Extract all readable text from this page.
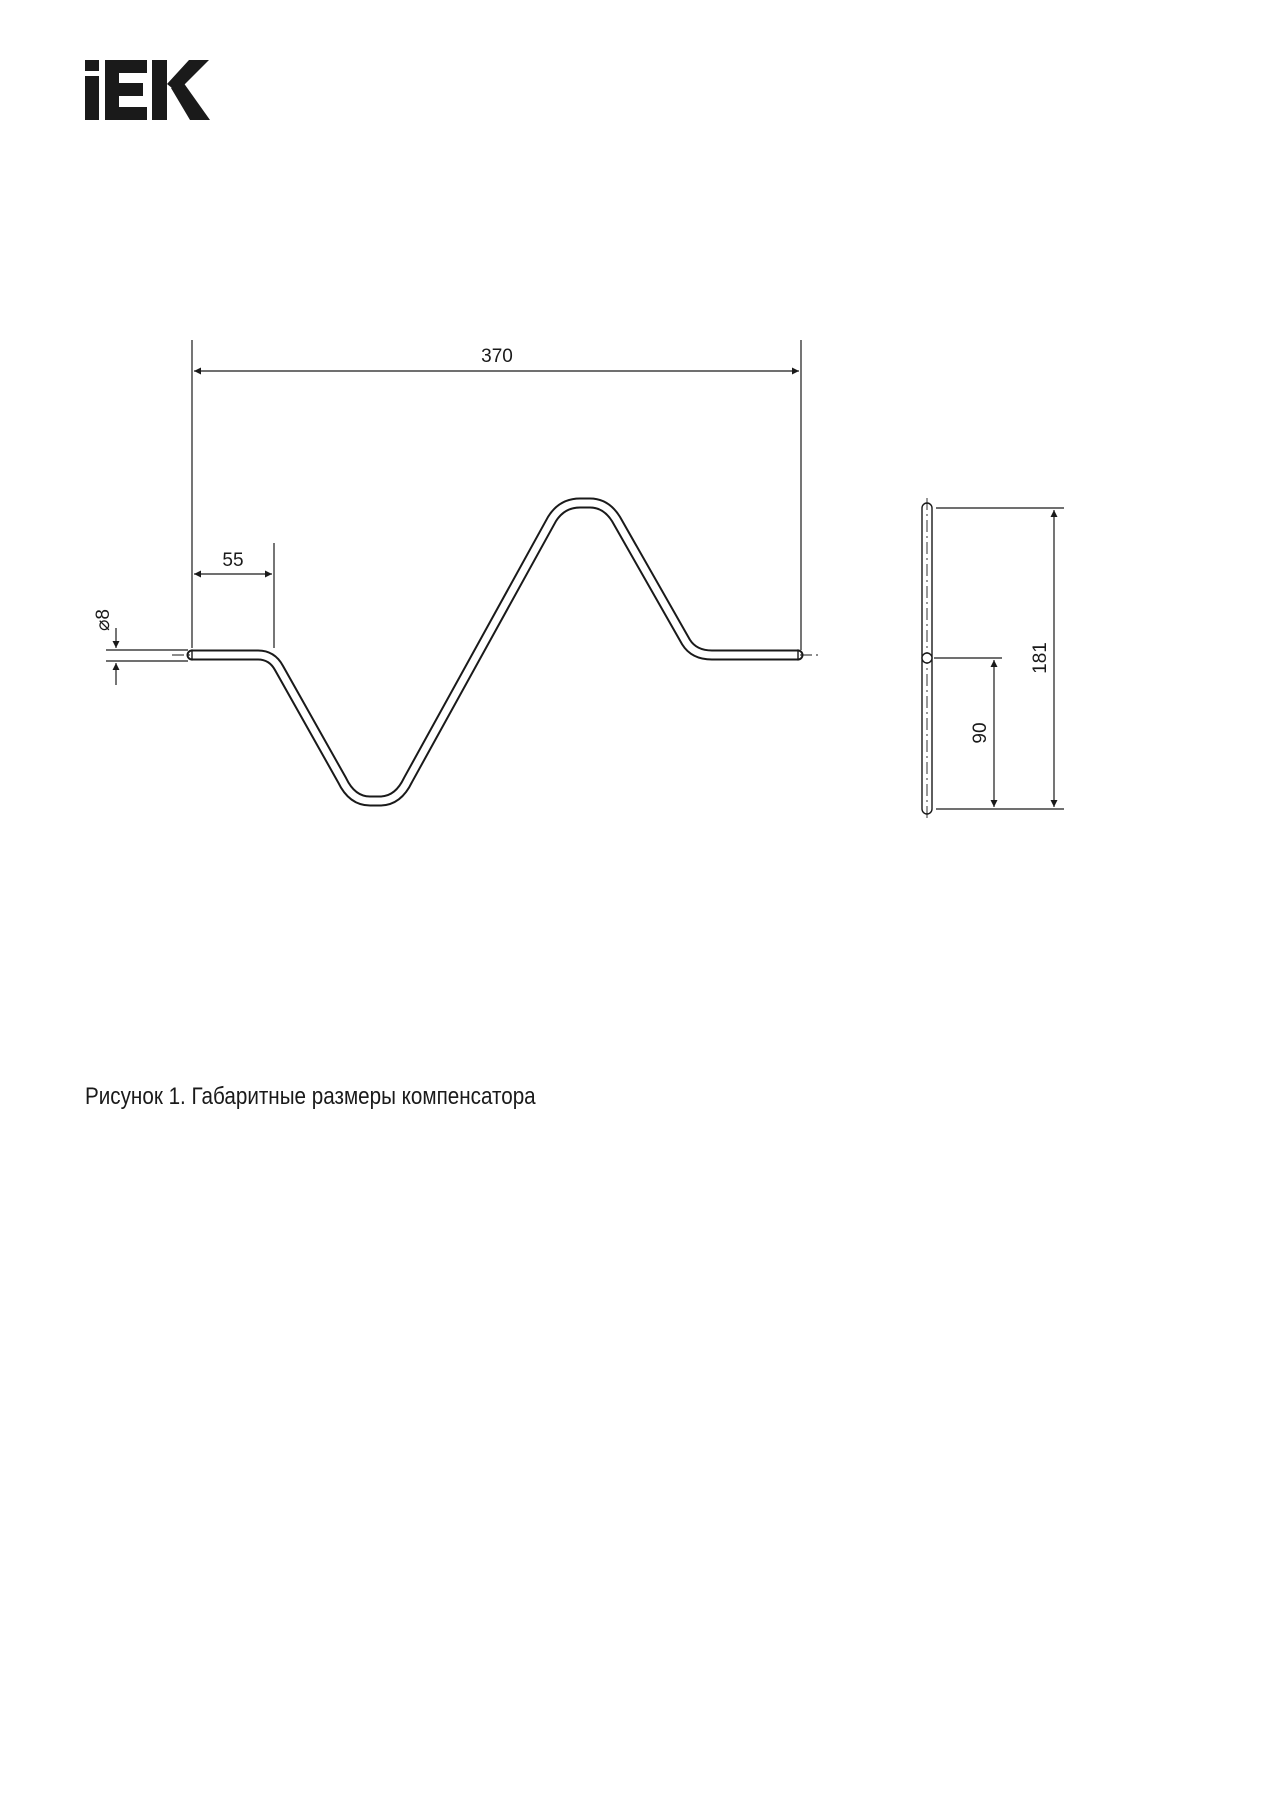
370
55
⌀8
181
90
Рисунок 1. Габаритные размеры компенсатора
